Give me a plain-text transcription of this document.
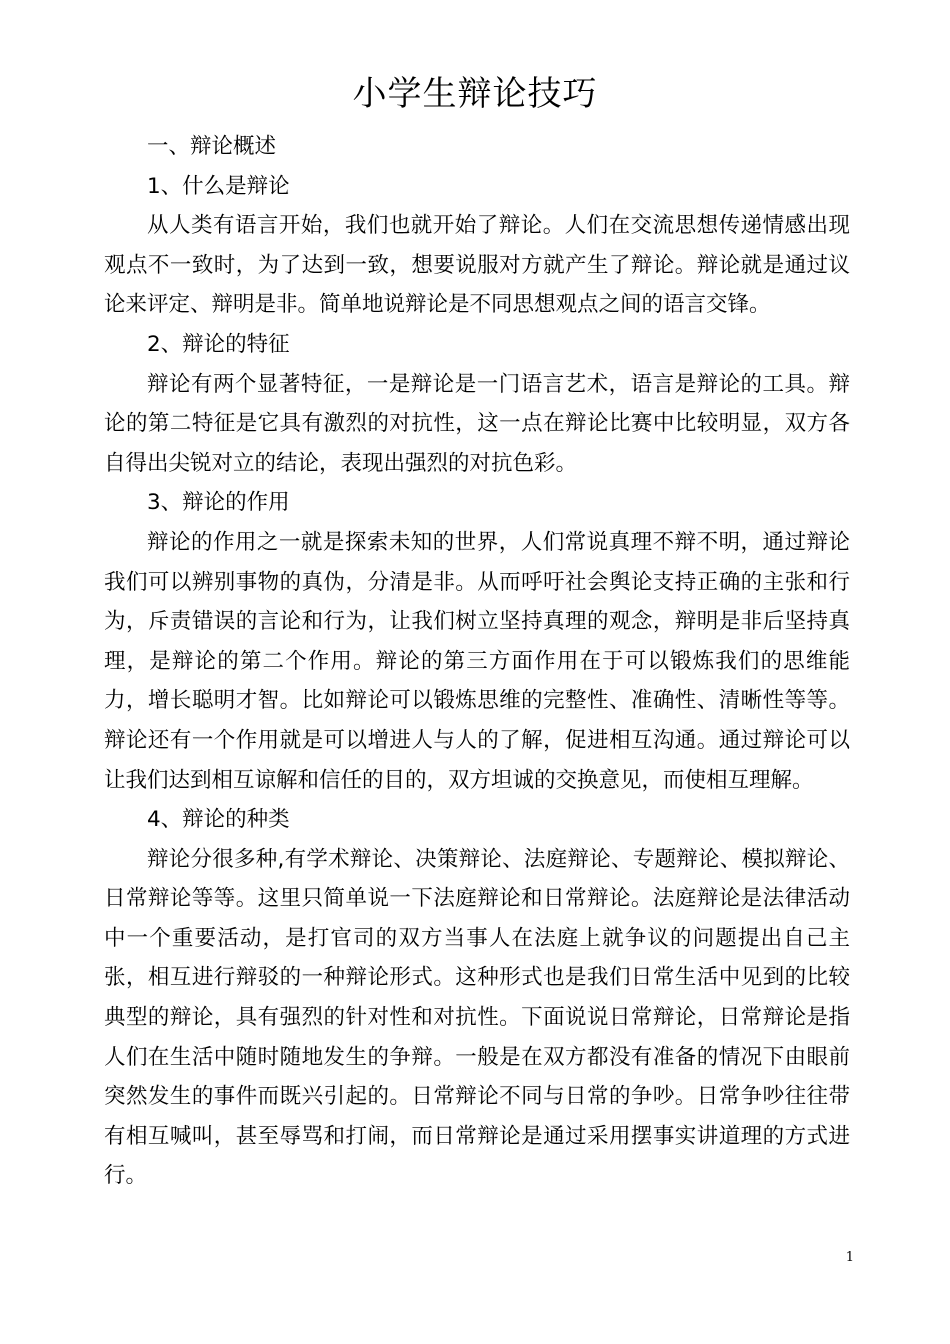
小学生辩论技巧

一、辩论概述

1、什么是辩论

从人类有语言开始，我们也就开始了辩论。人们在交流思想传递情感出现观点不一致时，为了达到一致，想要说服对方就产生了辩论。辩论就是通过议论来评定、辩明是非。简单地说辩论是不同思想观点之间的语言交锋。

2、辩论的特征

辩论有两个显著特征，一是辩论是一门语言艺术，语言是辩论的工具。辩论的第二特征是它具有激烈的对抗性，这一点在辩论比赛中比较明显，双方各自得出尖锐对立的结论，表现出强烈的对抗色彩。

3、辩论的作用

辩论的作用之一就是探索未知的世界，人们常说真理不辩不明，通过辩论我们可以辨别事物的真伪，分清是非。从而呼吁社会舆论支持正确的主张和行为，斥责错误的言论和行为，让我们树立坚持真理的观念，辩明是非后坚持真理，是辩论的第二个作用。辩论的第三方面作用在于可以锻炼我们的思维能力，增长聪明才智。比如辩论可以锻炼思维的完整性、准确性、清晰性等等。辩论还有一个作用就是可以增进人与人的了解，促进相互沟通。通过辩论可以让我们达到相互谅解和信任的目的，双方坦诚的交换意见，而使相互理解。

4、辩论的种类

辩论分很多种,有学术辩论、决策辩论、法庭辩论、专题辩论、模拟辩论、日常辩论等等。这里只简单说一下法庭辩论和日常辩论。法庭辩论是法律活动中一个重要活动，是打官司的双方当事人在法庭上就争议的问题提出自己主张，相互进行辩驳的一种辩论形式。这种形式也是我们日常生活中见到的比较典型的辩论，具有强烈的针对性和对抗性。下面说说日常辩论，日常辩论是指人们在生活中随时随地发生的争辩。一般是在双方都没有准备的情况下由眼前突然发生的事件而既兴引起的。日常辩论不同与日常的争吵。日常争吵往往带有相互喊叫，甚至辱骂和打闹，而日常辩论是通过采用摆事实讲道理的方式进行。

1
